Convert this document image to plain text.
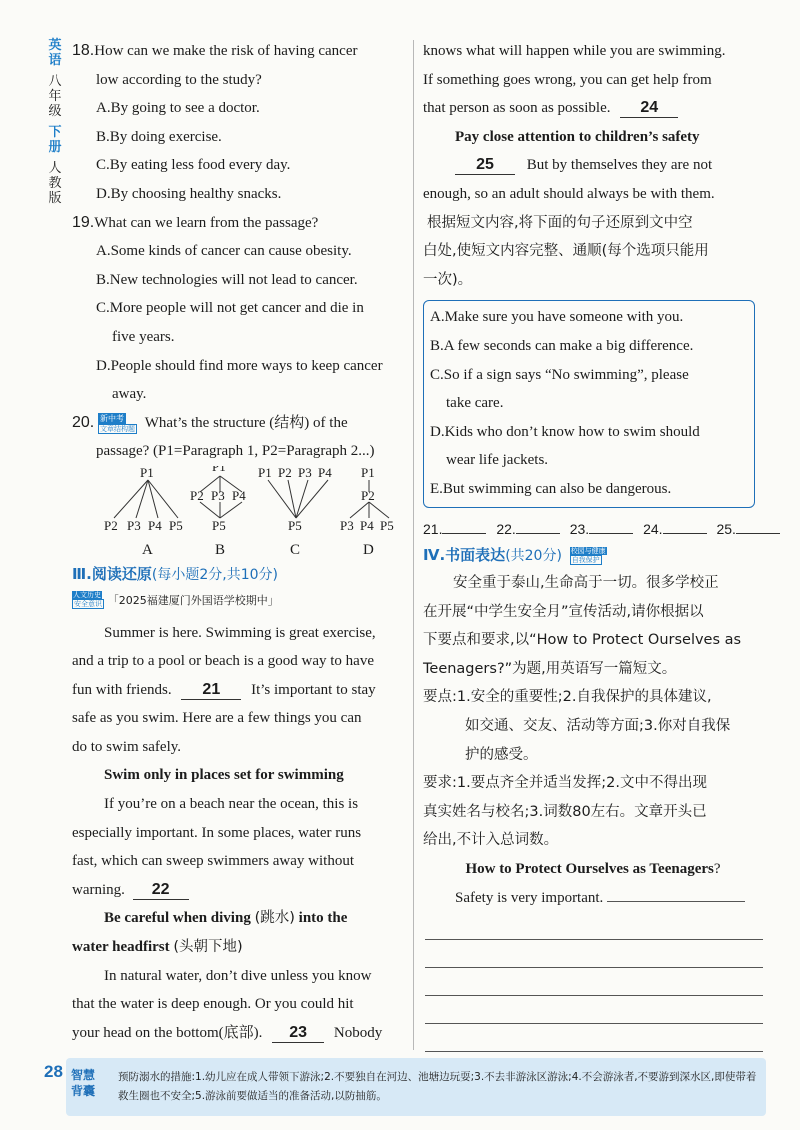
英语
八年级
下册
人教版
18.How can we make the risk of having cancer
low according to the study?
A.By going to see a doctor.
B.By doing exercise.
C.By eating less food every day.
D.By choosing healthy snacks.
19.What can we learn from the passage?
A.Some kinds of cancer can cause obesity.
B.New technologies will not lead to cancer.
C.More people will not get cancer and die in
five years.
D.People should find more ways to keep cancer
away.
20. 新中考
文章结构题 What’s the structure (结构) of the
passage? (P1=Paragraph 1, P2=Paragraph 2...)
P1
P2 P3 P4 P5
P1
P2 P3 P4
P5
P1 P2 P3 P4
P5
P1
P2
P3 P4 P5
A	B	C	D
Ⅲ.阅读还原(每小题2分,共10分)
人文历史
安全意识 「2025福建厦门外国语学校期中」
Summer is here. Swimming is great exercise,
and a trip to a pool or beach is a good way to have
fun with friends. 21 It’s important to stay
safe as you swim. Here are a few things you can
do to swim safely.
Swim only in places set for swimming
If you’re on a beach near the ocean, this is
especially important. In some places, water runs
fast, which can sweep swimmers away without
warning. 22
Be careful when diving (跳水) into the
water headfirst (头朝下地)
In natural water, don’t dive unless you know
that the water is deep enough. Or you could hit
your head on the bottom(底部). 23 Nobody
knows what will happen while you are swimming.
If something goes wrong, you can get help from
that person as soon as possible. 24
Pay close attention to children’s safety
25 But by themselves they are not
enough, so an adult should always be with them.
根据短文内容,将下面的句子还原到文中空
白处,使短文内容完整、通顺(每个选项只能用
一次)。
A.Make sure you have someone with you.
B.A few seconds can make a big difference.
C.So if a sign says “No swimming”, please
take care.
D.Kids who don’t know how to swim should
wear life jackets.
E.But swimming can also be dangerous.
21.	22.	23.	24.	25.
Ⅳ.书面表达(共20分) 校园与健康
自我保护
安全重于泰山,生命高于一切。很多学校正
在开展“中学生安全月”宣传活动,请你根据以
下要点和要求,以“How to Protect Ourselves as
Teenagers?”为题,用英语写一篇短文。
要点:1.安全的重要性;2.自我保护的具体建议,
如交通、交友、活动等方面;3.你对自我保
护的感受。
要求:1.要点齐全并适当发挥;2.文中不得出现
真实姓名与校名;3.词数80左右。文章开头已
给出,不计入总词数。
How to Protect Ourselves as Teenagers?
Safety is very important.
28 智慧背囊
预防溺水的措施:1.幼儿应在成人带领下游泳;2.不要独自在河边、池塘边玩耍;3.不去非游泳区游泳;4.不会游泳者,不要游到深水区,即使带着救生圈也不安全;5.游泳前要做适当的准备活动,以防抽筋。
